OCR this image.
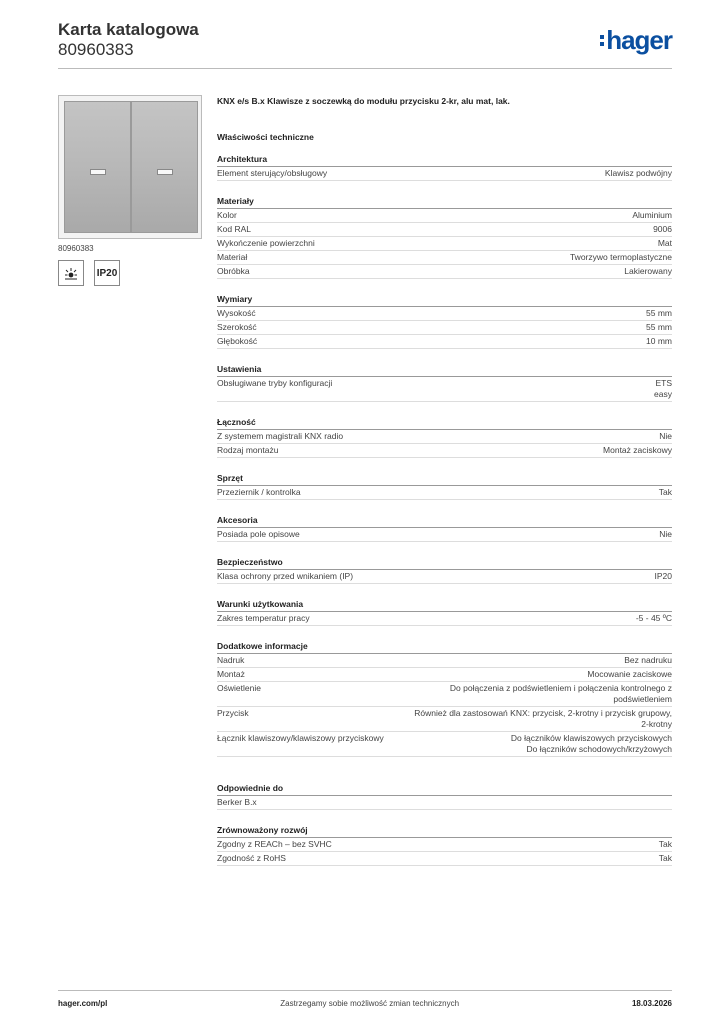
Karta katalogowa
80960383	hager
80960383
IP20
KNX e/s B.x Klawisze z soczewką do modułu przycisku 2-kr, alu mat, lak.
Właściwości techniczne
Architektura
Element sterujący/obsługowy	Klawisz podwójny
Materiały
Kolor	Aluminium
Kod RAL	9006
Wykończenie powierzchni	Mat
Materiał	Tworzywo termoplastyczne
Obróbka	Lakierowany
Wymiary
Wysokość	55 mm
Szerokość	55 mm
Głębokość	10 mm
Ustawienia
Obsługiwane tryby konfiguracji	ETS
easy
Łączność
Z systemem magistrali KNX radio	Nie
Rodzaj montażu	Montaż zaciskowy
Sprzęt
Przeziernik / kontrolka	Tak
Akcesoria
Posiada pole opisowe	Nie
Bezpieczeństwo
Klasa ochrony przed wnikaniem (IP)	IP20
Warunki użytkowania
Zakres temperatur pracy	-5 - 45 ºC
Dodatkowe informacje
Nadruk	Bez nadruku
Montaż	Mocowanie zaciskowe
Oświetlenie	Do połączenia z podświetleniem i połączenia kontrolnego z podświetleniem
Przycisk	Również dla zastosowań KNX: przycisk, 2-krotny i przycisk grupowy, 2-krotny
Łącznik klawiszowy/klawiszowy przyciskowy	Do łączników klawiszowych przyciskowych
Do łączników schodowych/krzyżowych
Odpowiednie do
Berker B.x
Zrównoważony rozwój
Zgodny z REACh – bez SVHC	Tak
Zgodność z RoHS	Tak
hager.com/pl	Zastrzegamy sobie możliwość zmian technicznych	18.03.2026
